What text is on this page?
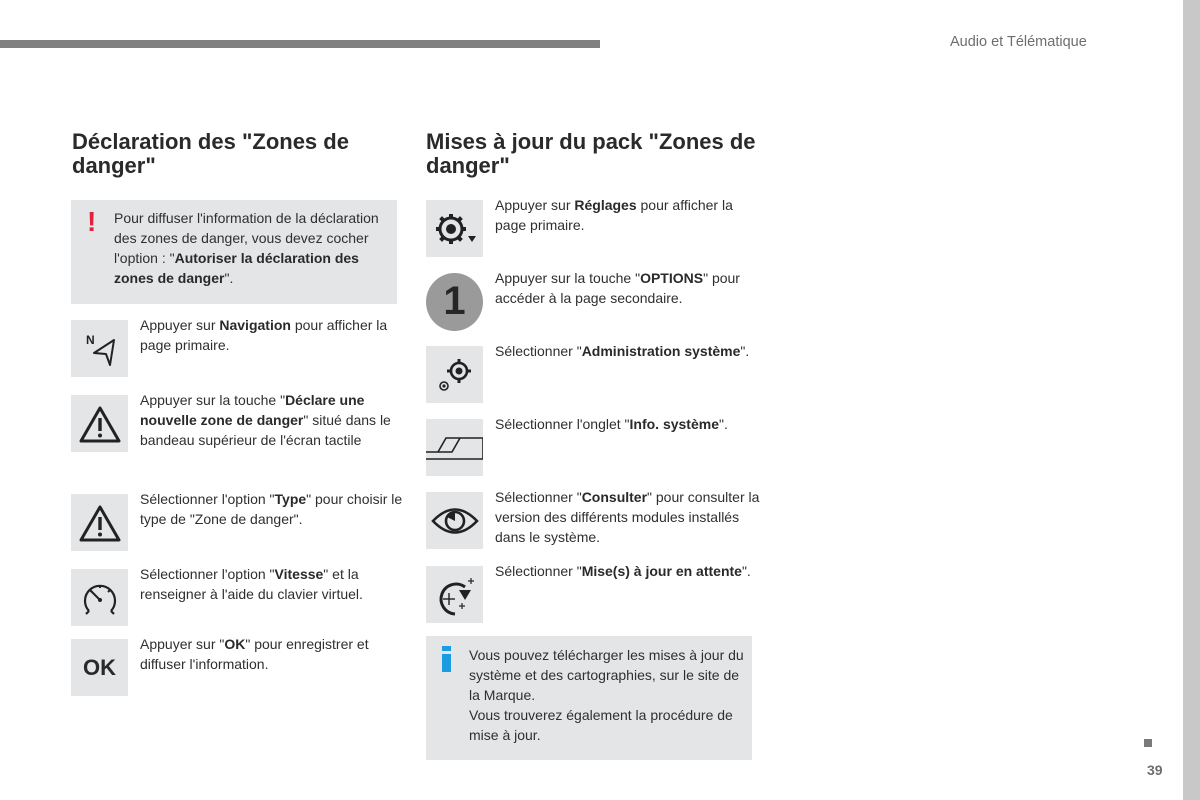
Audio et Télématique
Déclaration des "Zones de danger"
! Pour diffuser l'information de la déclaration des zones de danger, vous devez cocher l'option : "Autoriser la déclaration des zones de danger".
N
Appuyer sur Navigation pour afficher la page primaire.
Appuyer sur la touche "Déclare une nouvelle zone de danger" situé dans le bandeau supérieur de l'écran tactile
Sélectionner l'option "Type" pour choisir le type de "Zone de danger".
Sélectionner l'option "Vitesse" et la renseigner à l'aide du clavier virtuel.
OK
Appuyer sur "OK" pour enregistrer et diffuser l'information.
Mises à jour du pack "Zones de danger"
Appuyer sur Réglages pour afficher la page primaire.
1
Appuyer sur la touche "OPTIONS" pour accéder à la page secondaire.
Sélectionner "Administration système".
Sélectionner l'onglet "Info. système".
Sélectionner "Consulter" pour consulter la version des différents modules installés dans le système.
Sélectionner "Mise(s) à jour en attente".
Vous pouvez télécharger les mises à jour du système et des cartographies, sur le site de la Marque.
Vous trouverez également la procédure de mise à jour.
39
